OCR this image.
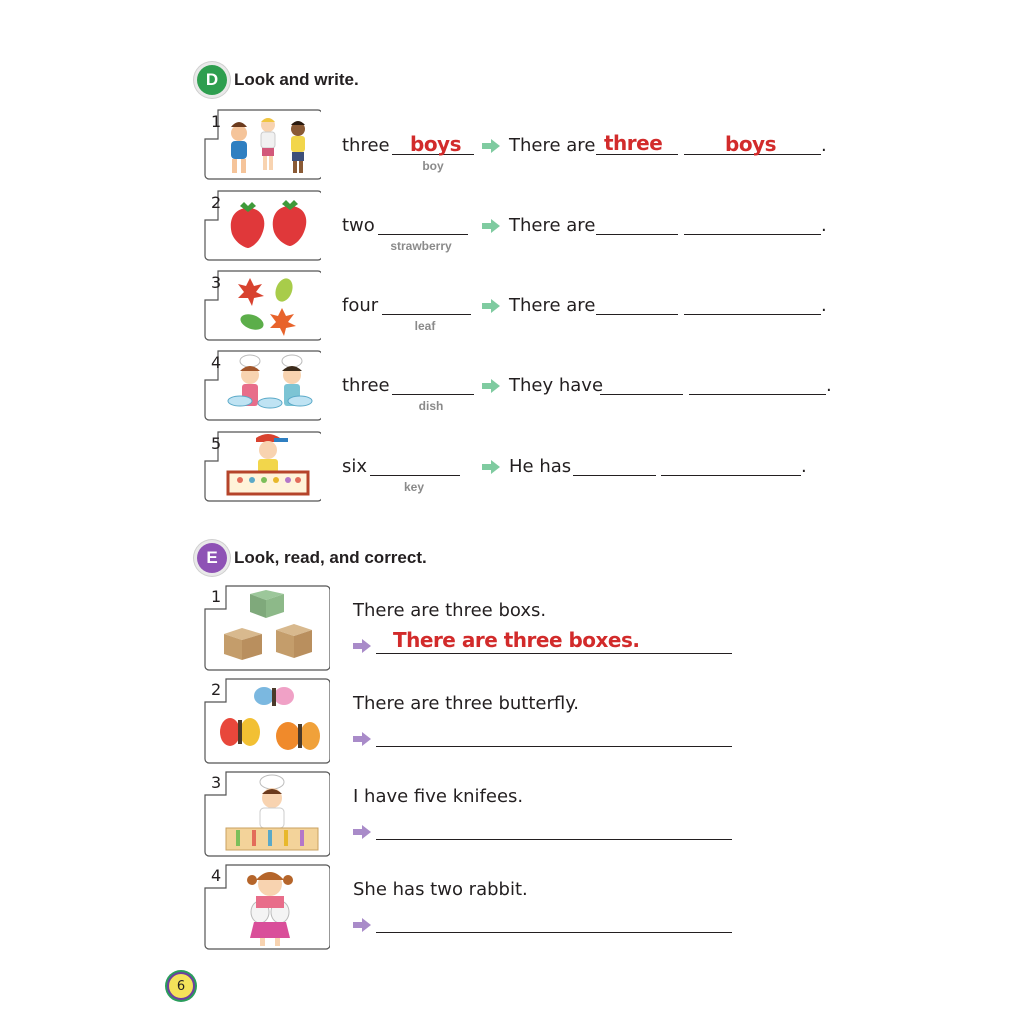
D Look and write.
1
three boys
boy
There are three	boys	.
2
two
strawberry
There are	.
3
four
leaf
There are	.
4
three
dish
They have	.
5
six
key
He has	.
E Look, read, and correct.
1
There are three boxs.
There are three boxes.
2
There are three butterfly.
3
I have five knifees.
4
She has two rabbit.
6
